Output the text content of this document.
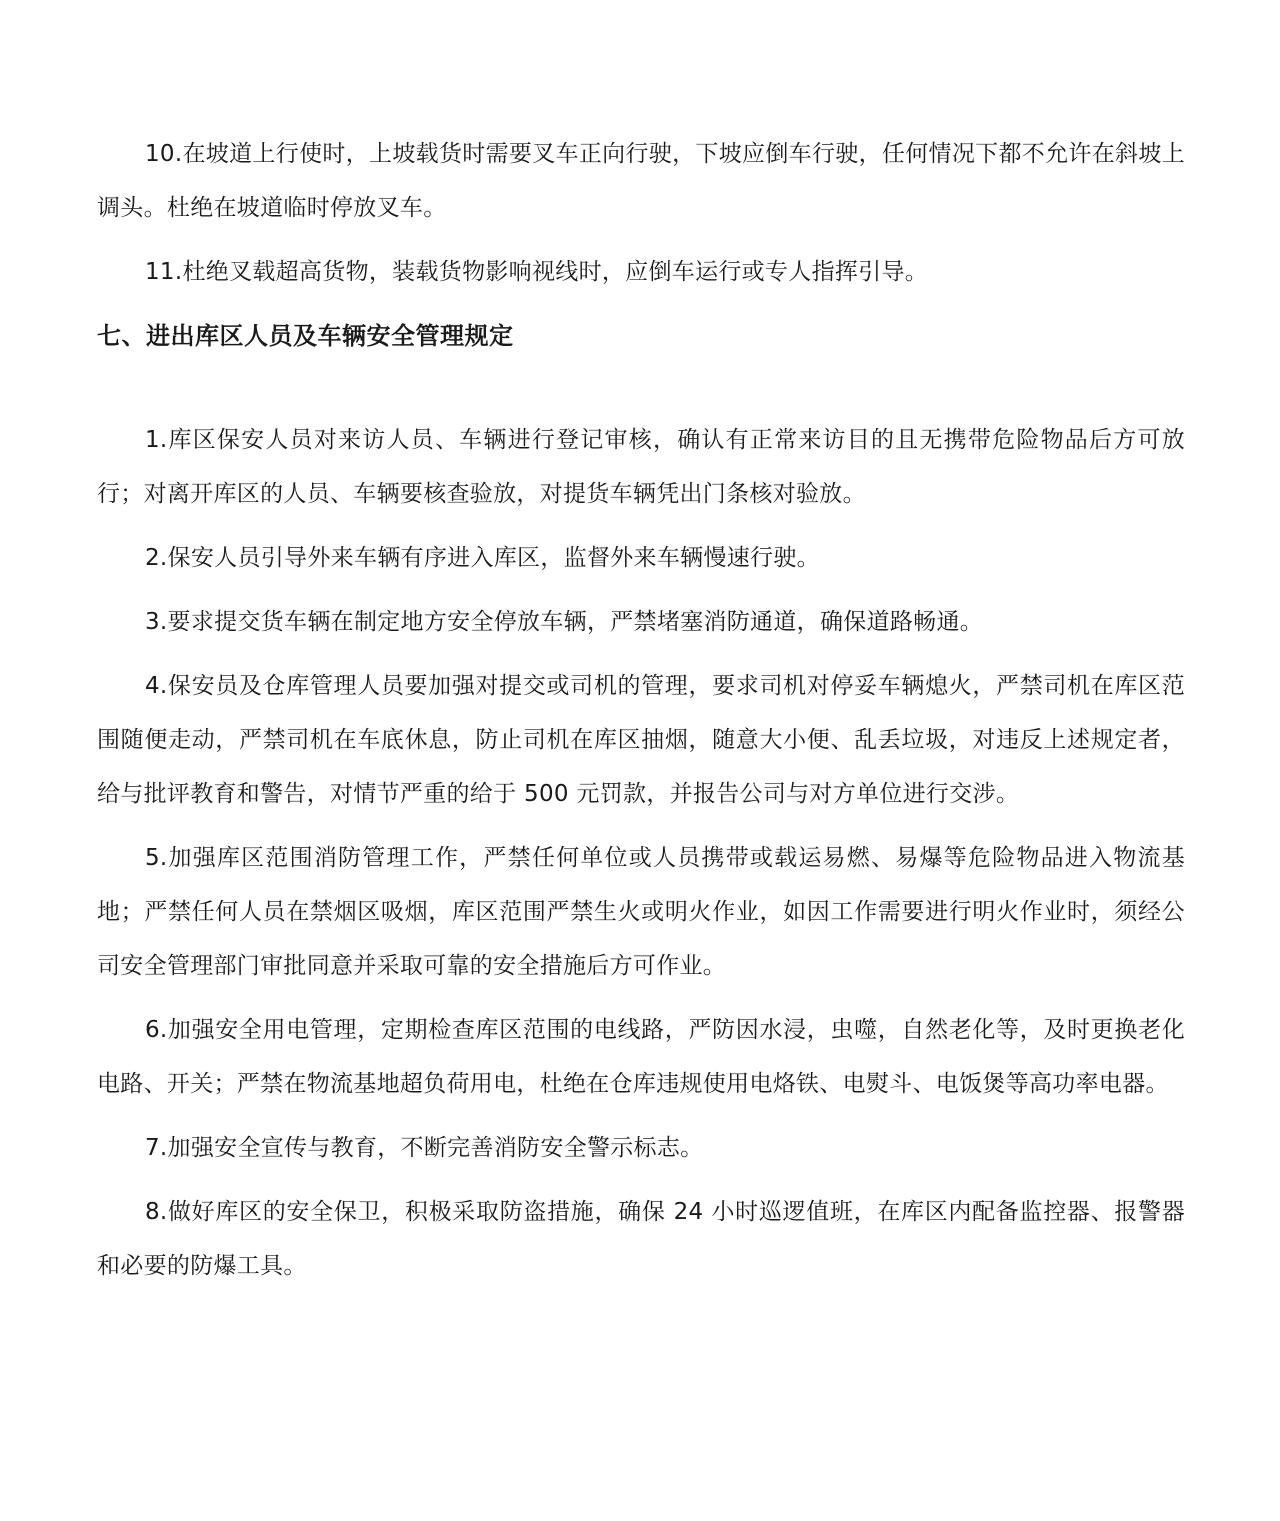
10.在坡道上行使时，上坡载货时需要叉车正向行驶，下坡应倒车行驶，任何情况下都不允许在斜坡上调头。杜绝在坡道临时停放叉车。

11.杜绝叉载超高货物，装载货物影响视线时，应倒车运行或专人指挥引导。

七、进出库区人员及车辆安全管理规定

1.库区保安人员对来访人员、车辆进行登记审核，确认有正常来访目的且无携带危险物品后方可放行；对离开库区的人员、车辆要核查验放，对提货车辆凭出门条核对验放。

2.保安人员引导外来车辆有序进入库区，监督外来车辆慢速行驶。

3.要求提交货车辆在制定地方安全停放车辆，严禁堵塞消防通道，确保道路畅通。

4.保安员及仓库管理人员要加强对提交或司机的管理，要求司机对停妥车辆熄火，严禁司机在库区范围随便走动，严禁司机在车底休息，防止司机在库区抽烟，随意大小便、乱丢垃圾，对违反上述规定者，给与批评教育和警告，对情节严重的给于 500 元罚款，并报告公司与对方单位进行交涉。

5.加强库区范围消防管理工作，严禁任何单位或人员携带或载运易燃、易爆等危险物品进入物流基地；严禁任何人员在禁烟区吸烟，库区范围严禁生火或明火作业，如因工作需要进行明火作业时，须经公司安全管理部门审批同意并采取可靠的安全措施后方可作业。

6.加强安全用电管理，定期检查库区范围的电线路，严防因水浸，虫噬，自然老化等，及时更换老化电路、开关；严禁在物流基地超负荷用电，杜绝在仓库违规使用电烙铁、电熨斗、电饭煲等高功率电器。

7.加强安全宣传与教育，不断完善消防安全警示标志。

8.做好库区的安全保卫，积极采取防盗措施，确保 24 小时巡逻值班，在库区内配备监控器、报警器和必要的防爆工具。
